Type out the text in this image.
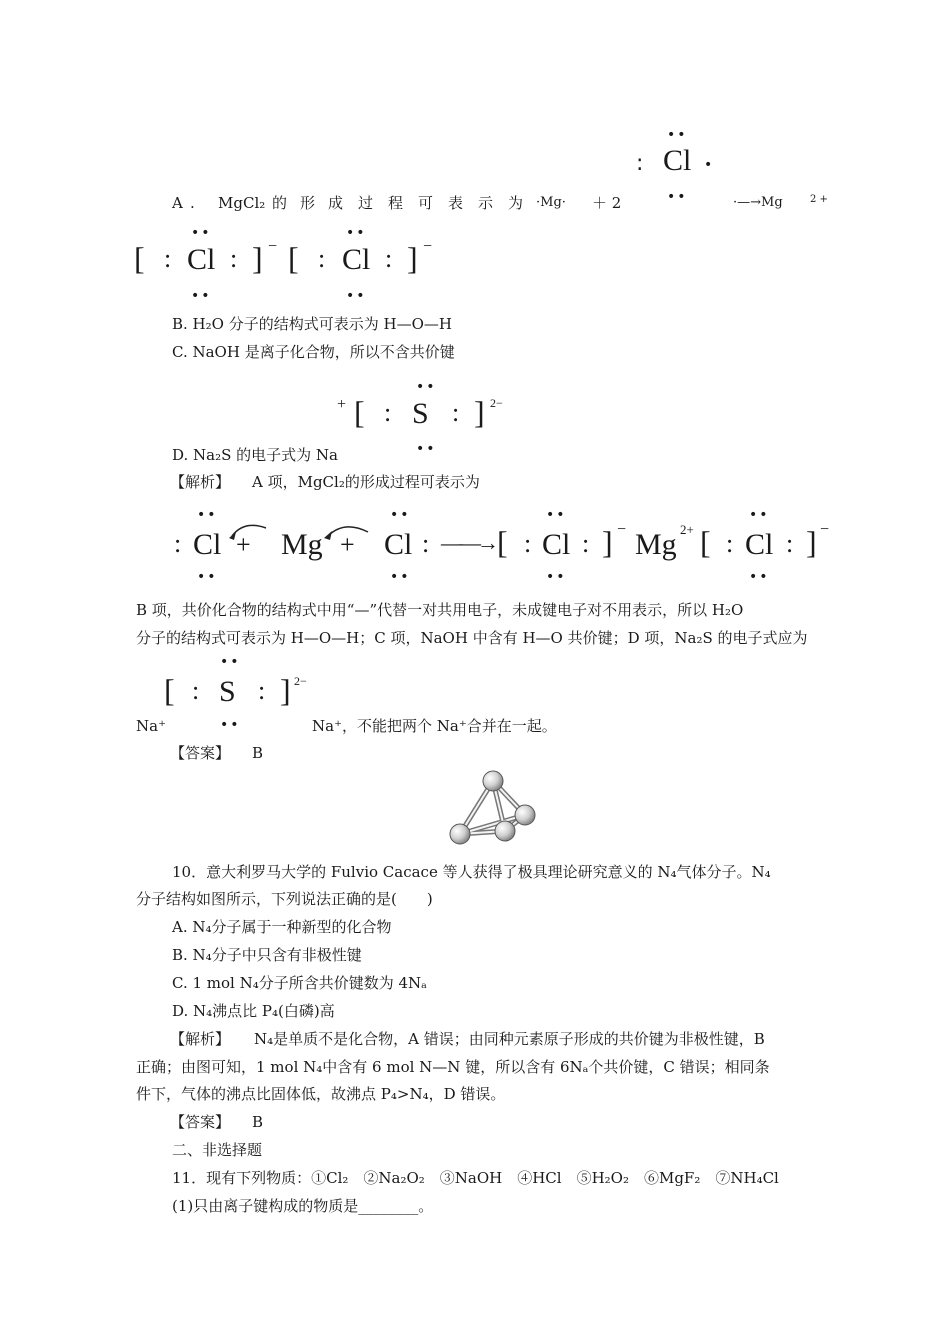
••
: Cl •
••
A . MgCl₂ 的 形 成 过 程 可 表 示 为 ·Mg· ＋ 2	·—→Mg	2 +
••
[ : Cl : ] −
••
••
[ : Cl : ] −
••
B. H₂O 分子的结构式可表示为 H—O—H
C. NaOH 是离子化合物，所以不含共价键
+
••
[ : S : ] 2−
••
D. Na₂S 的电子式为 Na
【解析】 A 项，MgCl₂的形成过程可表示为
••
: Cl
••
+ Mg +
••
Cl :
••
——→
••
[ : Cl : ] −
••
Mg 2+
••
[ : Cl : ] −
••
B 项，共价化合物的结构式中用“—”代替一对共用电子，未成键电子对不用表示，所以 H₂O
分子的结构式可表示为 H—O—H；C 项，NaOH 中含有 H—O 共价键；D 项，Na₂S 的电子式应为
••
[ : S : ] 2−
••
Na⁺	Na⁺，不能把两个 Na⁺合并在一起。
【答案】 B
10．意大利罗马大学的 Fulvio Cacace 等人获得了极具理论研究意义的 N₄气体分子。N₄
分子结构如图所示，下列说法正确的是(　　)
A. N₄分子属于一种新型的化合物
B. N₄分子中只含有非极性键
C. 1 mol N₄分子所含共价键数为 4Nₐ
D. N₄沸点比 P₄(白磷)高
【解析】 N₄是单质不是化合物，A 错误；由同种元素原子形成的共价键为非极性键，B
正确；由图可知，1 mol N₄中含有 6 mol N—N 键，所以含有 6Nₐ个共价键，C 错误；相同条
件下，气体的沸点比固体低，故沸点 P₄>N₄，D 错误。
【答案】 B
二、非选择题
11．现有下列物质：①Cl₂　②Na₂O₂　③NaOH　④HCl　⑤H₂O₂　⑥MgF₂　⑦NH₄Cl
(1)只由离子键构成的物质是________。
